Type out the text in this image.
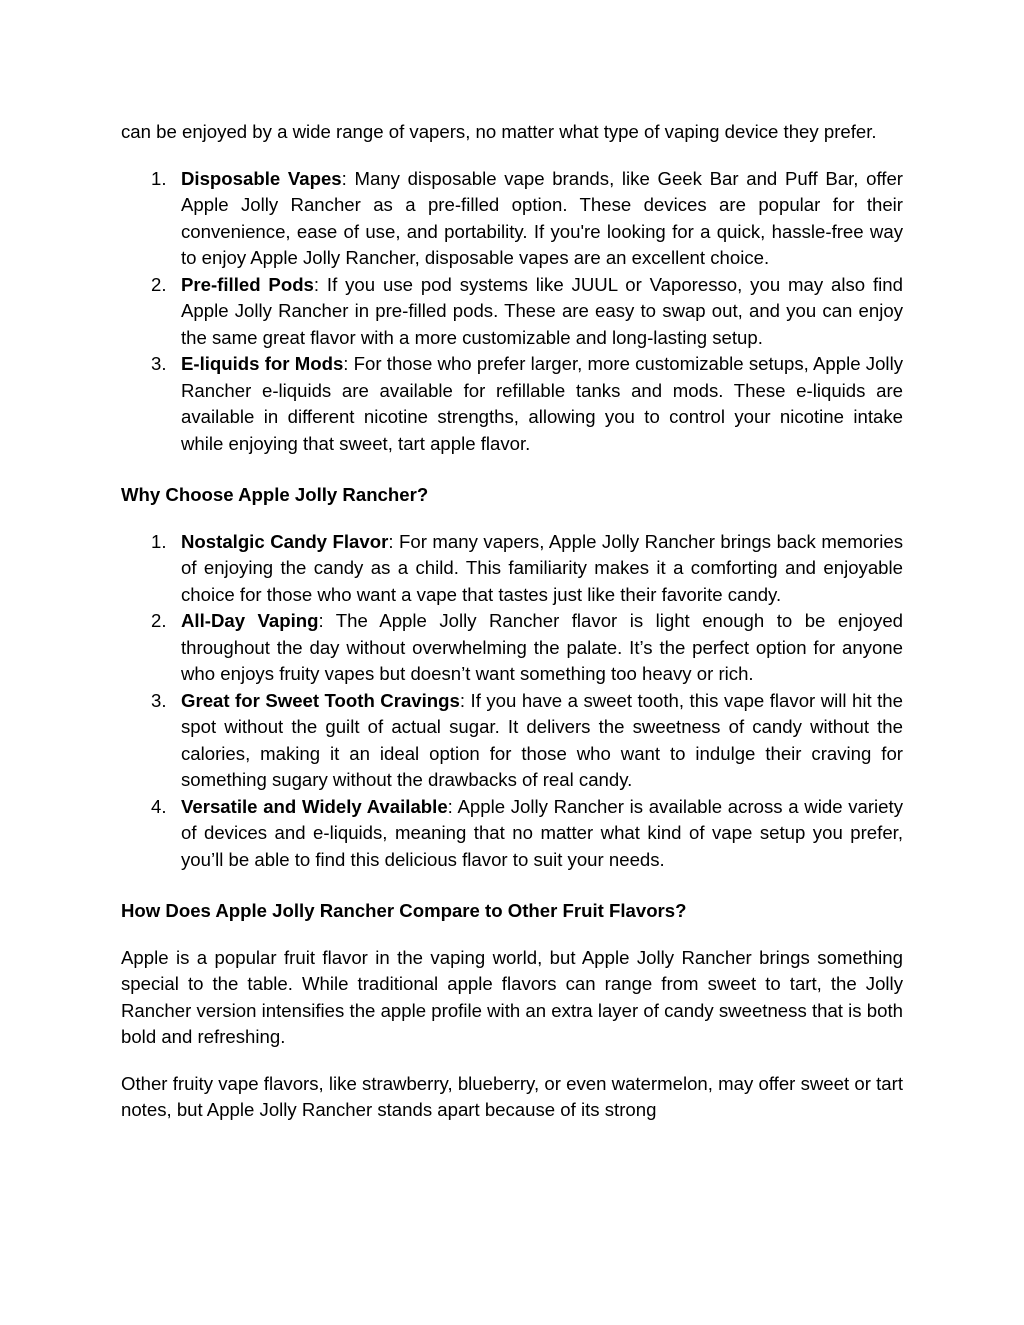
can be enjoyed by a wide range of vapers, no matter what type of vaping device they prefer.

1. Disposable Vapes: Many disposable vape brands, like Geek Bar and Puff Bar, offer Apple Jolly Rancher as a pre-filled option. These devices are popular for their convenience, ease of use, and portability. If you're looking for a quick, hassle-free way to enjoy Apple Jolly Rancher, disposable vapes are an excellent choice.
2. Pre-filled Pods: If you use pod systems like JUUL or Vaporesso, you may also find Apple Jolly Rancher in pre-filled pods. These are easy to swap out, and you can enjoy the same great flavor with a more customizable and long-lasting setup.
3. E-liquids for Mods: For those who prefer larger, more customizable setups, Apple Jolly Rancher e-liquids are available for refillable tanks and mods. These e-liquids are available in different nicotine strengths, allowing you to control your nicotine intake while enjoying that sweet, tart apple flavor.

Why Choose Apple Jolly Rancher?

1. Nostalgic Candy Flavor: For many vapers, Apple Jolly Rancher brings back memories of enjoying the candy as a child. This familiarity makes it a comforting and enjoyable choice for those who want a vape that tastes just like their favorite candy.
2. All-Day Vaping: The Apple Jolly Rancher flavor is light enough to be enjoyed throughout the day without overwhelming the palate. It’s the perfect option for anyone who enjoys fruity vapes but doesn’t want something too heavy or rich.
3. Great for Sweet Tooth Cravings: If you have a sweet tooth, this vape flavor will hit the spot without the guilt of actual sugar. It delivers the sweetness of candy without the calories, making it an ideal option for those who want to indulge their craving for something sugary without the drawbacks of real candy.
4. Versatile and Widely Available: Apple Jolly Rancher is available across a wide variety of devices and e-liquids, meaning that no matter what kind of vape setup you prefer, you’ll be able to find this delicious flavor to suit your needs.

How Does Apple Jolly Rancher Compare to Other Fruit Flavors?

Apple is a popular fruit flavor in the vaping world, but Apple Jolly Rancher brings something special to the table. While traditional apple flavors can range from sweet to tart, the Jolly Rancher version intensifies the apple profile with an extra layer of candy sweetness that is both bold and refreshing.

Other fruity vape flavors, like strawberry, blueberry, or even watermelon, may offer sweet or tart notes, but Apple Jolly Rancher stands apart because of its strong
